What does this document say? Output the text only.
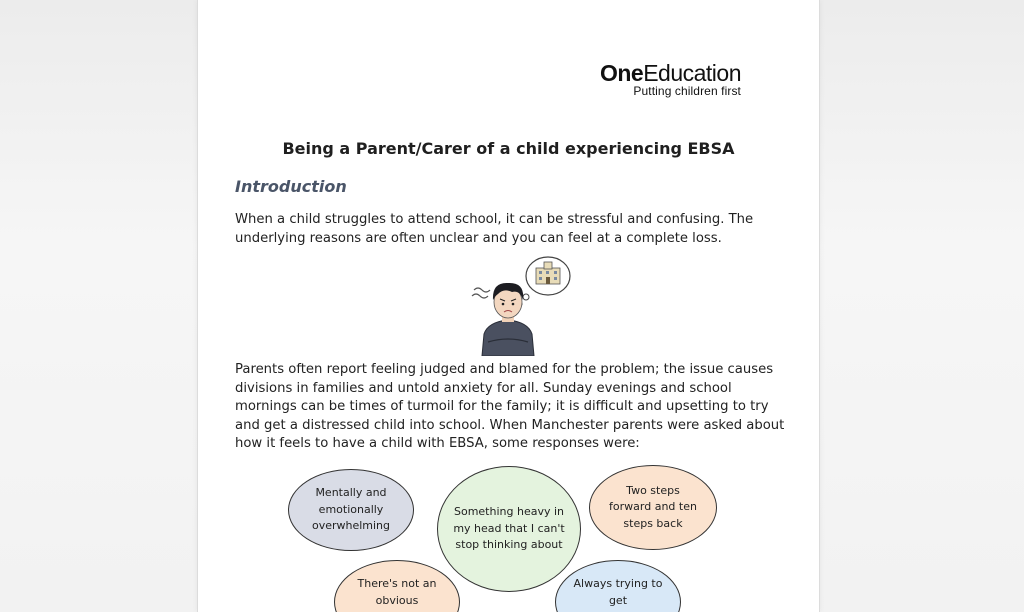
OneEducation
Putting children first
Being a Parent/Carer of a child experiencing EBSA
Introduction

When a child struggles to attend school, it can be stressful and confusing. The underlying reasons are often unclear and you can feel at a complete loss.

Parents often report feeling judged and blamed for the problem; the issue causes divisions in families and untold anxiety for all. Sunday evenings and school mornings can be times of turmoil for the family; it is difficult and upsetting to try and get a distressed child into school. When Manchester parents were asked about how it feels to have a child with EBSA, some responses were:

Mentally and emotionally overwhelming
Something heavy in my head that I can't stop thinking about
Two steps forward and ten steps back
There's not an obvious
Always trying to get
